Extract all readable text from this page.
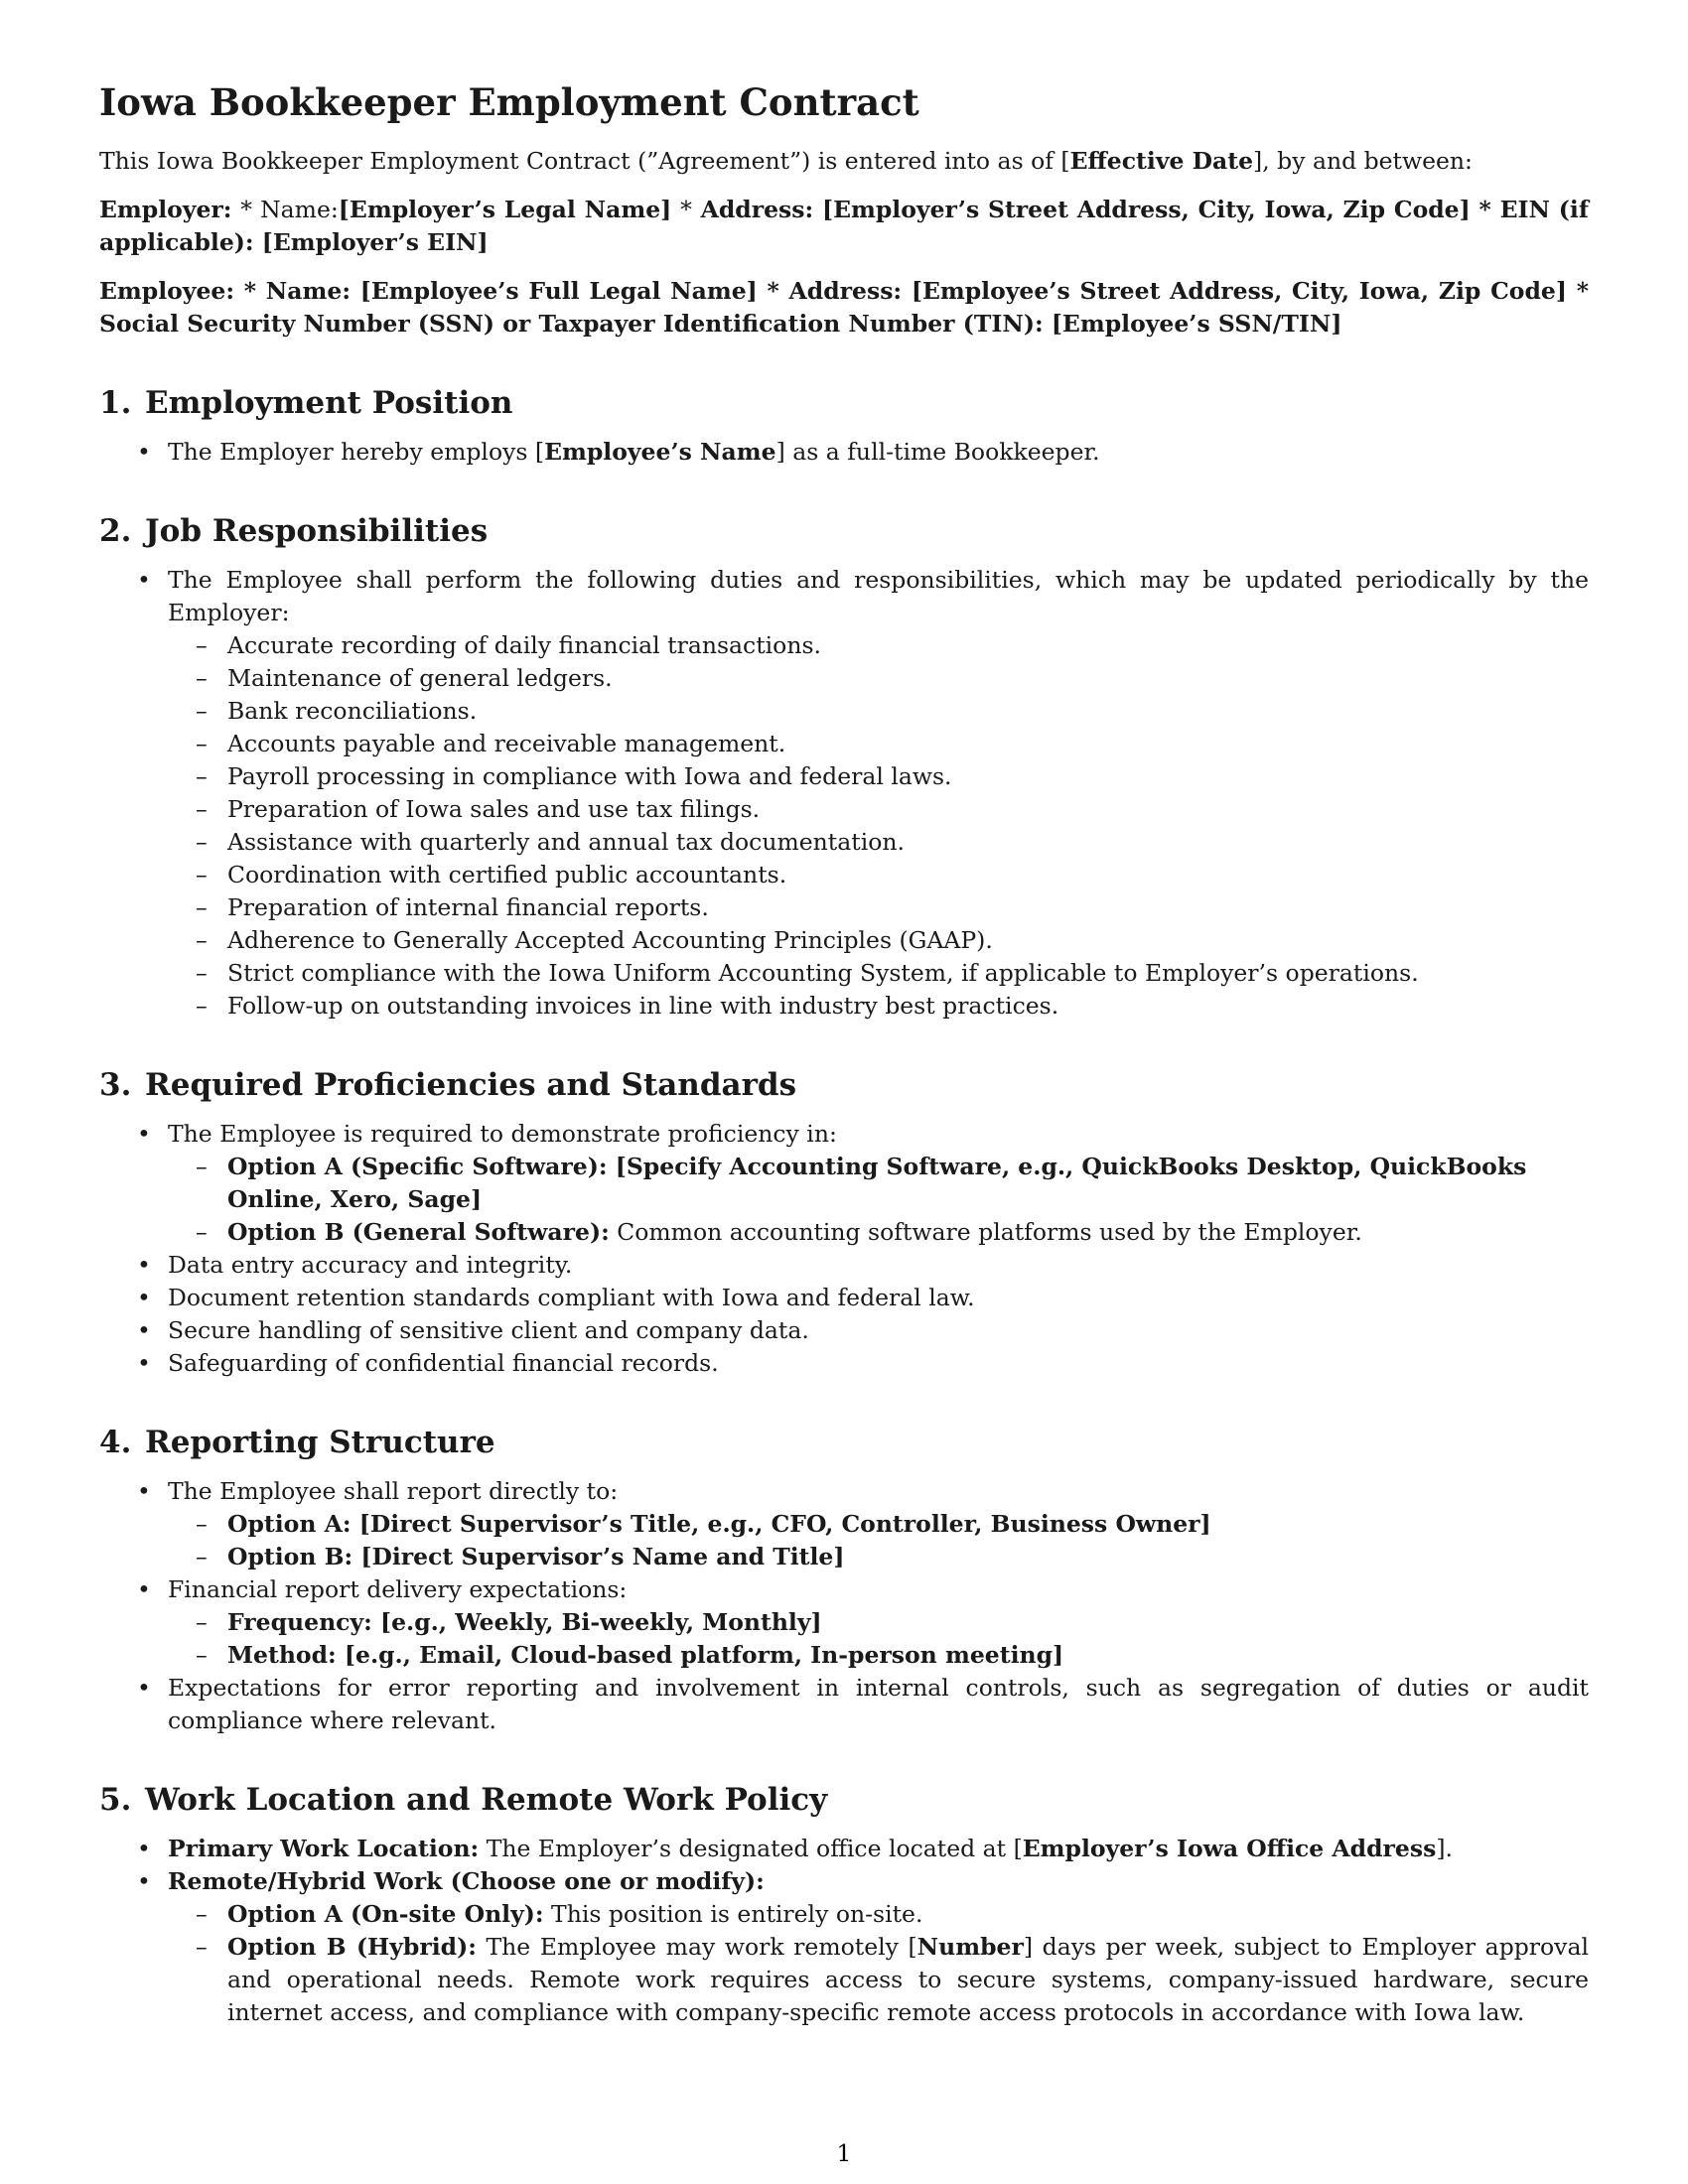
Iowa Bookkeeper Employment Contract

This Iowa Bookkeeper Employment Contract (”Agreement”) is entered into as of [Effective Date], by and between:

Employer: * Name:[Employer’s Legal Name] * Address: [Employer’s Street Address, City, Iowa, Zip Code] * EIN (if applicable): [Employer’s EIN]

Employee: * Name: [Employee’s Full Legal Name] * Address: [Employee’s Street Address, City, Iowa, Zip Code] * Social Security Number (SSN) or Taxpayer Identification Number (TIN): [Employee’s SSN/TIN]

1. Employment Position
• The Employer hereby employs [Employee’s Name] as a full-time Bookkeeper.
2. Job Responsibilities
• The Employee shall perform the following duties and responsibilities, which may be updated periodically by the Employer:
– Accurate recording of daily financial transactions.
– Maintenance of general ledgers.
– Bank reconciliations.
– Accounts payable and receivable management.
– Payroll processing in compliance with Iowa and federal laws.
– Preparation of Iowa sales and use tax filings.
– Assistance with quarterly and annual tax documentation.
– Coordination with certified public accountants.
– Preparation of internal financial reports.
– Adherence to Generally Accepted Accounting Principles (GAAP).
– Strict compliance with the Iowa Uniform Accounting System, if applicable to Employer’s operations.
– Follow-up on outstanding invoices in line with industry best practices.
3. Required Proficiencies and Standards
• The Employee is required to demonstrate proficiency in:
– Option A (Specific Software): [Specify Accounting Software, e.g., QuickBooks Desktop, QuickBooks Online, Xero, Sage]
– Option B (General Software): Common accounting software platforms used by the Employer.
• Data entry accuracy and integrity.
• Document retention standards compliant with Iowa and federal law.
• Secure handling of sensitive client and company data.
• Safeguarding of confidential financial records.
4. Reporting Structure
• The Employee shall report directly to:
– Option A: [Direct Supervisor’s Title, e.g., CFO, Controller, Business Owner]
– Option B: [Direct Supervisor’s Name and Title]
• Financial report delivery expectations:
– Frequency: [e.g., Weekly, Bi-weekly, Monthly]
– Method: [e.g., Email, Cloud-based platform, In-person meeting]
• Expectations for error reporting and involvement in internal controls, such as segregation of duties or audit compliance where relevant.
5. Work Location and Remote Work Policy
• Primary Work Location: The Employer’s designated office located at [Employer’s Iowa Office Address].
• Remote/Hybrid Work (Choose one or modify):
– Option A (On-site Only): This position is entirely on-site.
– Option B (Hybrid): The Employee may work remotely [Number] days per week, subject to Employer approval and operational needs. Remote work requires access to secure systems, company-issued hardware, secure internet access, and compliance with company-specific remote access protocols in accordance with Iowa law.
1
